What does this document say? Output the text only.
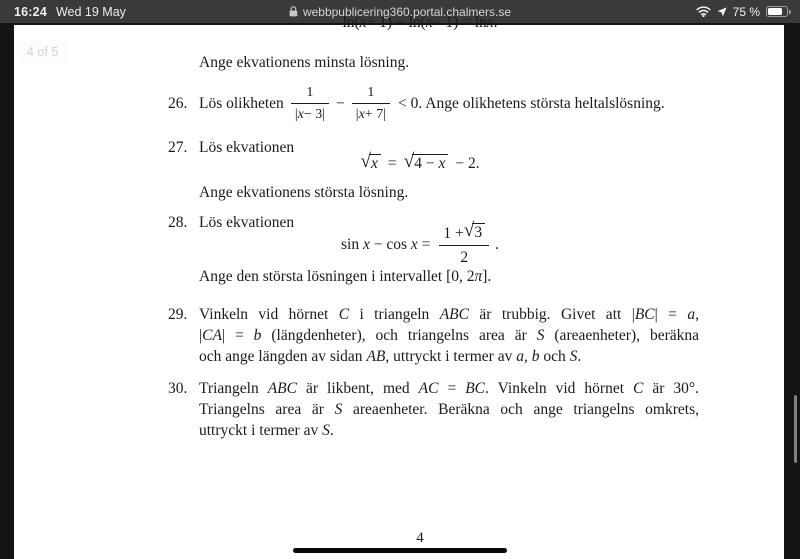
16:24 Wed 19 May	webbpublicering360.portal.chalmers.se	75 %
ln( x + 1) − ln( x − 1) = ln x .
Ange ekvationens minsta lösning.
26. Lös olikheten $\frac{1}{| x - 3|} - \frac{1}{| x + 7|} < 0$. Ange olikhetens största heltalslösning.
27. Lös ekvationen
√ x = √ 4 − x − 2.
Ange ekvationens största lösning.
28. Lös ekvationen
$\sin x - \cos x = \frac{1 + √ 3}{2}$ .
Ange den största lösningen i intervallet [0, 2π].
29. Vinkeln vid hörnet C i triangeln ABC är trubbig. Givet att |BC| = a,
|CA| = b (längdenheter), och triangelns area är S (areaenheter), beräkna
och ange längden av sidan AB, uttryckt i termer av a, b och S.
30. Triangeln ABC är likbent, med AC = BC. Vinkeln vid hörnet C är 30°.
Triangelns area är S areaenheter. Beräkna och ange triangelns omkrets,
uttryckt i termer av S.
4
4 of 5
